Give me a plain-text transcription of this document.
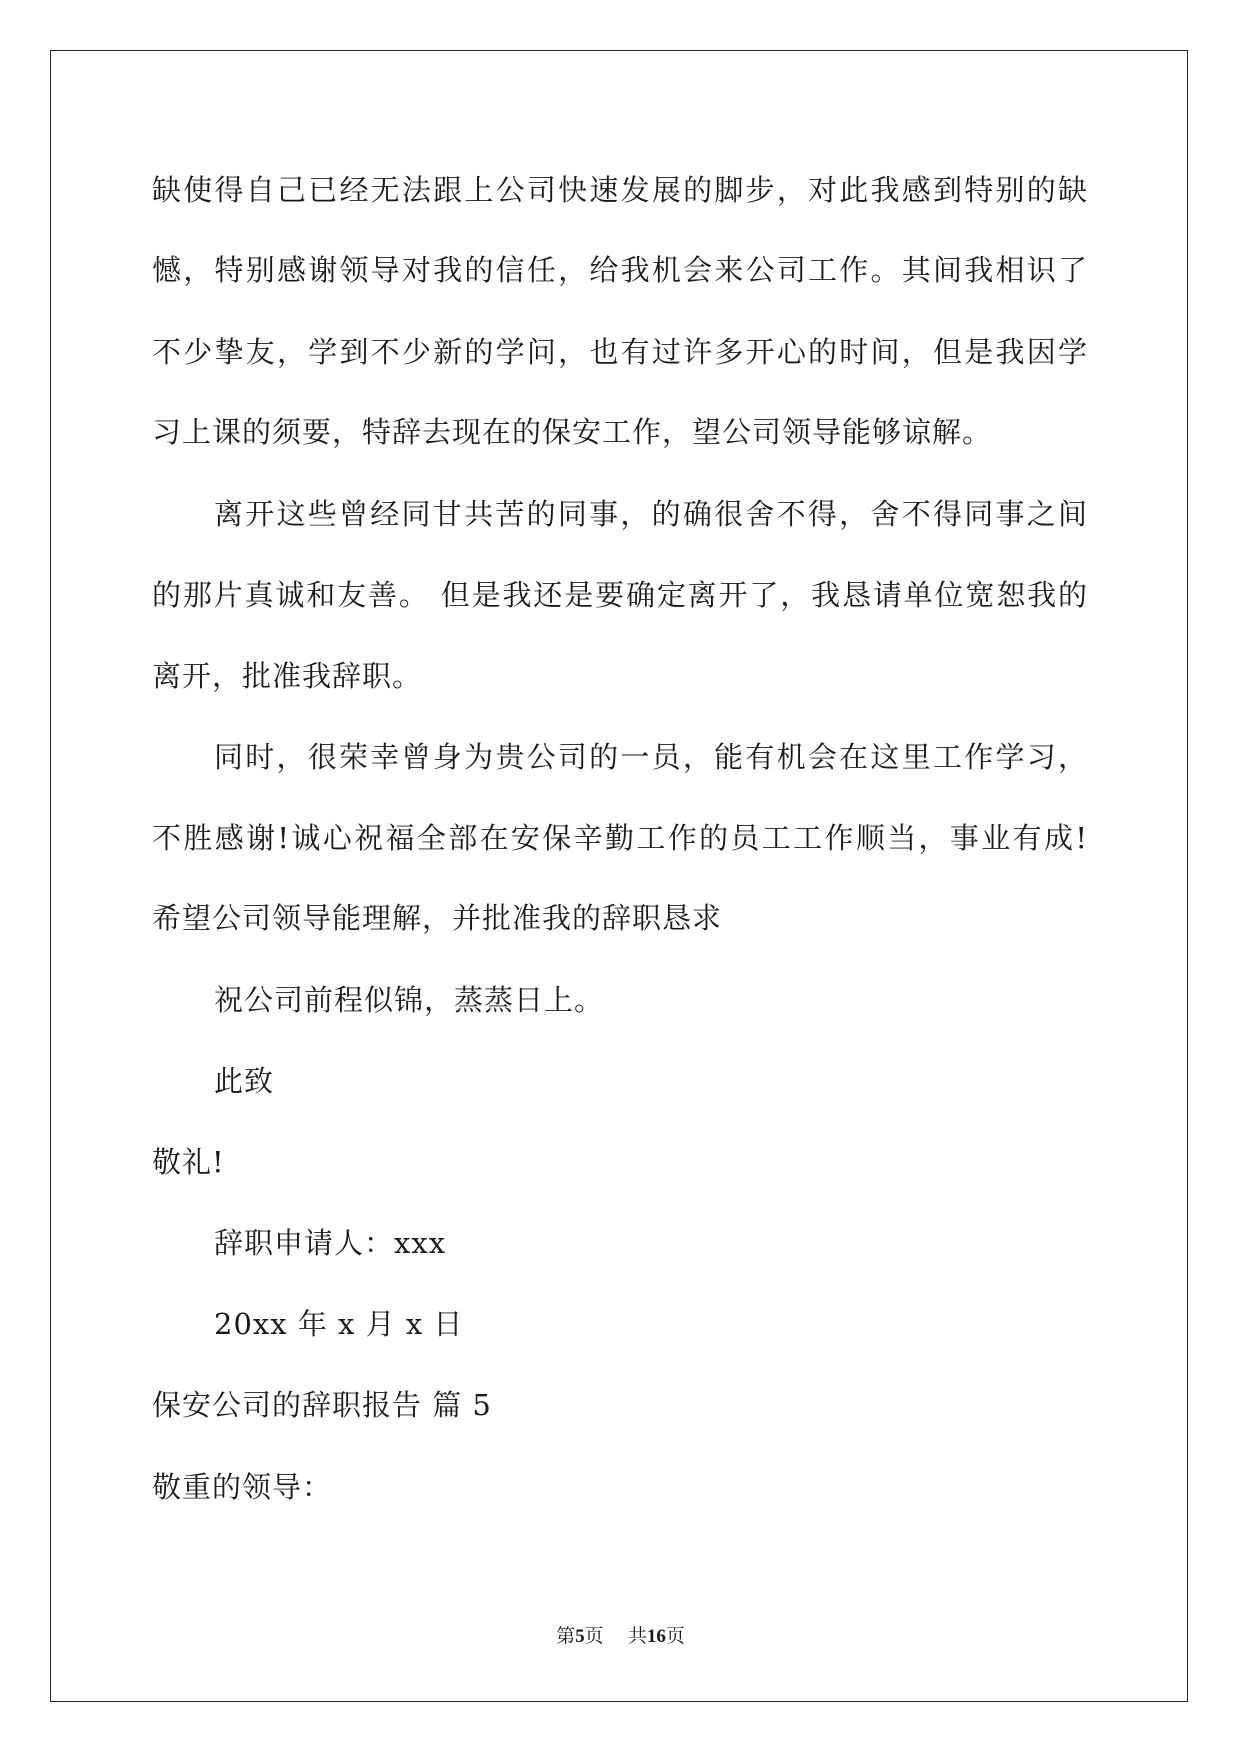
缺使得自己已经无法跟上公司快速发展的脚步，对此我感到特别的缺
憾，特别感谢领导对我的信任，给我机会来公司工作。其间我相识了
不少挚友，学到不少新的学问，也有过许多开心的时间，但是我因学
习上课的须要，特辞去现在的保安工作，望公司领导能够谅解。
离开这些曾经同甘共苦的同事，的确很舍不得，舍不得同事之间
的那片真诚和友善。 但是我还是要确定离开了，我恳请单位宽恕我的
离开，批准我辞职。
同时，很荣幸曾身为贵公司的一员，能有机会在这里工作学习，
不胜感谢!诚心祝福全部在安保辛勤工作的员工工作顺当，事业有成!
希望公司领导能理解，并批准我的辞职恳求
祝公司前程似锦，蒸蒸日上。
此致
敬礼!
辞职申请人：xxx
20xx 年 x 月 x 日
保安公司的辞职报告 篇 5
敬重的领导：
第5页 共16页
